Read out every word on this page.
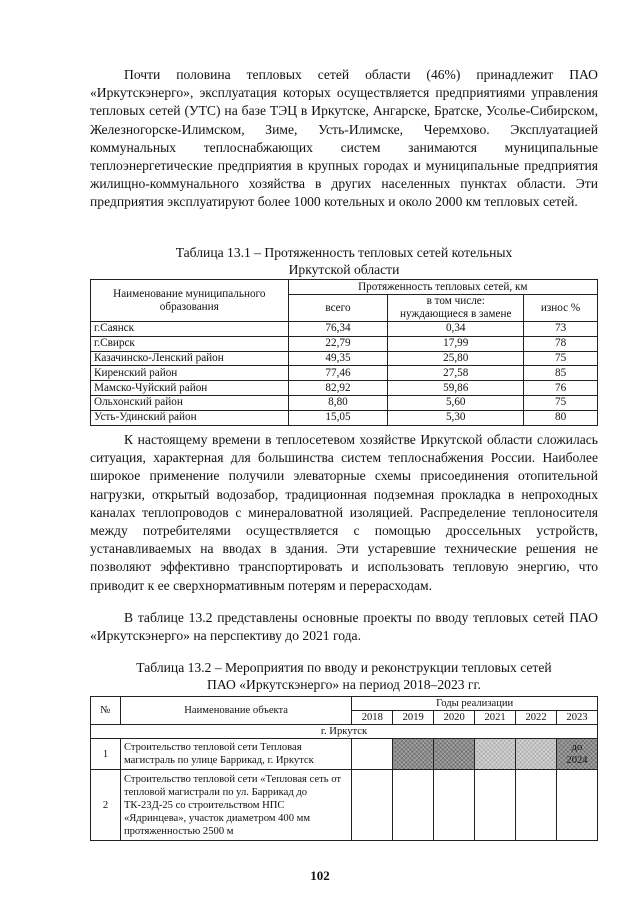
Почти половина тепловых сетей области (46%) принадлежит ПАО «Иркутскэнерго», эксплуатация которых осуществляется предприятиями управления тепловых сетей (УТС) на базе ТЭЦ в Иркутске, Ангарске, Братске, Усолье-Сибирском, Железногорске-Илимском, Зиме, Усть-Илимске, Черемхово. Эксплуатацией коммунальных теплоснабжающих систем занимаются муниципальные теплоэнергетические предприятия в крупных городах и муниципальные предприятия жилищно-коммунального хозяйства в других населенных пунктах области. Эти предприятия эксплуатируют более 1000 котельных и около 2000 км тепловых сетей.

Таблица 13.1 – Протяженность тепловых сетей котельных
Иркутской области
Наименование муниципального образования	Протяженность тепловых сетей, км		
	всего	в том числе: нуждающиеся в замене	износ %
г.Саянск	76,34	0,34	73
г.Свирск	22,79	17,99	78
Казачинско-Ленский район	49,35	25,80	75
Киренский район	77,46	27,58	85
Мамско-Чуйский район	82,92	59,86	76
Ольхонский район	8,80	5,60	75
Усть-Удинский район	15,05	5,30	80

К настоящему времени в теплосетевом хозяйстве Иркутской области сложилась ситуация, характерная для большинства систем теплоснабжения России. Наиболее широкое применение получили элеваторные схемы присоединения отопительной нагрузки, открытый водозабор, традиционная подземная прокладка в непроходных каналах теплопроводов с минераловатной изоляцией. Распределение теплоносителя между потребителями осуществляется с помощью дроссельных устройств, устанавливаемых на вводах в здания. Эти устаревшие технические решения не позволяют эффективно транспортировать и использовать тепловую энергию, что приводит к ее сверхнормативным потерям и перерасходам.

В таблице 13.2 представлены основные проекты по вводу тепловых сетей ПАО «Иркутскэнерго» на перспективу до 2021 года.

Таблица 13.2 – Мероприятия по вводу и реконструкции тепловых сетей
ПАО «Иркутскэнерго» на период 2018–2023 гг.
№	Наименование объекта	Годы реализации					
		2018	2019	2020	2021	2022	2023
г. Иркутск							
1	Строительство тепловой сети Тепловая магистраль по улице Баррикад, г. Иркутск						до 2024
2	Строительство тепловой сети «Тепловая сеть от тепловой магистрали по ул. Баррикад до ТК-23Д-25 со строительством НПС «Ядринцева», участок диаметром 400 мм протяженностью 2500 м						
102
